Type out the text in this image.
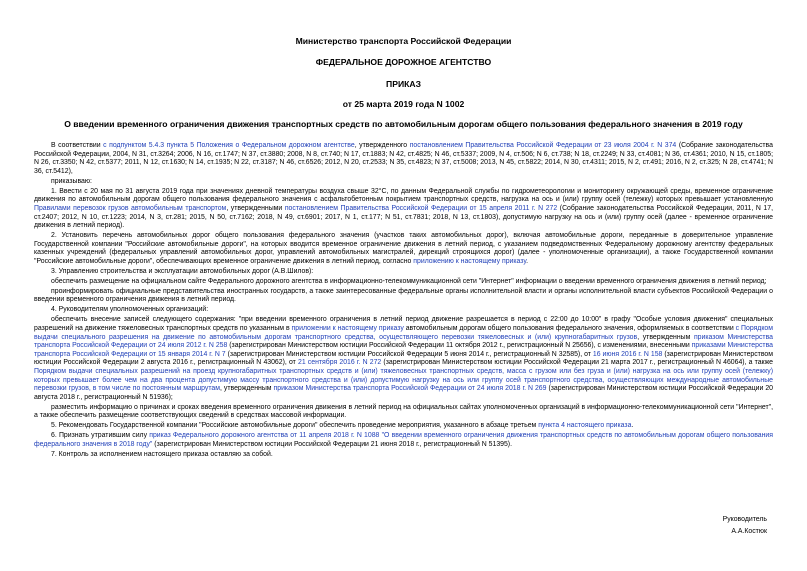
Министерство транспорта Российской Федерации
ФЕДЕРАЛЬНОЕ ДОРОЖНОЕ АГЕНТСТВО
ПРИКАЗ
от 25 марта 2019 года N 1002
О введении временного ограничения движения транспортных средств по автомобильным дорогам общего пользования федерального значения в 2019 году

В соответствии с подпунктом 5.4.3 пункта 5 Положения о Федеральном дорожном агентстве, утвержденного постановлением Правительства Российской Федерации от 23 июля 2004 г. N 374 (Собрание законодательства Российской Федерации, 2004, N 31, ст.3264; 2006, N 16, ст.1747; N 37, ст.3880; 2008, N 8, ст.740; N 17, ст.1883; N 42, ст.4825; N 46, ст.5337; 2009, N 4, ст.506; N 6, ст.738; N 18, ст.2249; N 33, ст.4081; N 36, ст.4361; 2010, N 15, ст.1805; N 26, ст.3350; N 42, ст.5377; 2011, N 12, ст.1630; N 14, ст.1935; N 22, ст.3187; N 46, ст.6526; 2012, N 20, ст.2533; N 35, ст.4823; N 37, ст.5008; 2013, N 45, ст.5822; 2014, N 30, ст.4311; 2015, N 2, ст.491; 2016, N 2, ст.325; N 28, ст.4741; N 36, ст.5412),

приказываю:

1. Ввести с 20 мая по 31 августа 2019 года при значениях дневной температуры воздуха свыше 32°С, по данным Федеральной службы по гидрометеорологии и мониторингу окружающей среды, временное ограничение движения по автомобильным дорогам общего пользования федерального значения с асфальтобетонным покрытием транспортных средств, нагрузка на ось и (или) группу осей (тележку) которых превышает установленную Правилами перевозок грузов автомобильным транспортом, утвержденными постановлением Правительства Российской Федерации от 15 апреля 2011 г. N 272 (Собрание законодательства Российской Федерации, 2011, N 17, ст.2407; 2012, N 10, ст.1223; 2014, N 3, ст.281; 2015, N 50, ст.7162; 2018, N 49, ст.6901; 2017, N 1, ст.177; N 51, ст.7831; 2018, N 13, ст.1803), допустимую нагрузку на ось и (или) группу осей (далее - временное ограничение движения в летний период).

2. Установить перечень автомобильных дорог общего пользования федерального значения (участков таких автомобильных дорог), включая автомобильные дороги, переданные в доверительное управление Государственной компании "Российские автомобильные дороги", на которых вводится временное ограничение движения в летний период, с указанием подведомственных Федеральному дорожному агентству федеральных казенных учреждений (федеральных управлений автомобильных дорог, управлений автомобильных магистралей, дирекций строящихся дорог) (далее - уполномоченные организации), а также Государственной компании "Российские автомобильные дороги", обеспечивающих временное ограничение движения в летний период, согласно приложению к настоящему приказу.

3. Управлению строительства и эксплуатации автомобильных дорог (А.В.Шилов):

обеспечить размещение на официальном сайте Федерального дорожного агентства в информационно-телекоммуникационной сети "Интернет" информации о введении временного ограничения движения в летний период;

проинформировать официальные представительства иностранных государств, а также заинтересованные федеральные органы исполнительной власти и органы исполнительной власти субъектов Российской Федерации о введении временного ограничения движения в летний период.

4. Руководителям уполномоченных организаций:

обеспечить внесение записей следующего содержания: "при введении временного ограничения в летний период движение разрешается в период с 22:00 до 10:00" в графу "Особые условия движения" специальных разрешений на движение тяжеловесных транспортных средств по указанным в приложении к настоящему приказу автомобильным дорогам общего пользования федерального значения, оформляемых в соответствии с Порядком выдачи специального разрешения на движение по автомобильным дорогам транспортного средства, осуществляющего перевозки тяжеловесных и (или) крупногабаритных грузов, утвержденным приказом Министерства транспорта Российской Федерации от 24 июля 2012 г. N 258 (зарегистрирован Министерством юстиции Российской Федерации 11 октября 2012 г., регистрационный N 25656), с изменениями, внесенными приказами Министерства транспорта Российской Федерации от 15 января 2014 г. N 7 (зарегистрирован Министерством юстиции Российской Федерации 5 июня 2014 г., регистрационный N 32585), от 16 июня 2016 г. N 158 (зарегистрирован Министерством юстиции Российской Федерации 2 августа 2016 г., регистрационный N 43062), от 21 сентября 2016 г. N 272 (зарегистрирован Министерством юстиции Российской Федерации 21 марта 2017 г., регистрационный N 46064), а также Порядком выдачи специальных разрешений на проезд крупногабаритных транспортных средств и (или) тяжеловесных транспортных средств, масса с грузом или без груза и (или) нагрузка на ось или группу осей (тележку) которых превышает более чем на два процента допустимую массу транспортного средства и (или) допустимую нагрузку на ось или группу осей транспортного средства, осуществляющих международные автомобильные перевозки грузов, в том числе по постоянным маршрутам, утвержденным приказом Министерства транспорта Российской Федерации от 24 июля 2018 г. N 269 (зарегистрирован Министерством юстиции Российской Федерации 20 августа 2018 г., регистрационный N 51936);

разместить информацию о причинах и сроках введения временного ограничения движения в летний период на официальных сайтах уполномоченных организаций в информационно-телекоммуникационной сети "Интернет", а также обеспечить размещение соответствующих сведений в средствах массовой информации.

5. Рекомендовать Государственной компании "Российские автомобильные дороги" обеспечить проведение мероприятия, указанного в абзаце третьем пункта 4 настоящего приказа.

6. Признать утратившим силу приказ Федерального дорожного агентства от 11 апреля 2018 г. N 1088 "О введении временного ограничения движения транспортных средств по автомобильным дорогам общего пользования федерального значения в 2018 году" (зарегистрирован Министерством юстиции Российской Федерации 21 июня 2018 г., регистрационный N 51395).

7. Контроль за исполнением настоящего приказа оставляю за собой.

Руководитель
А.А.Костюк
